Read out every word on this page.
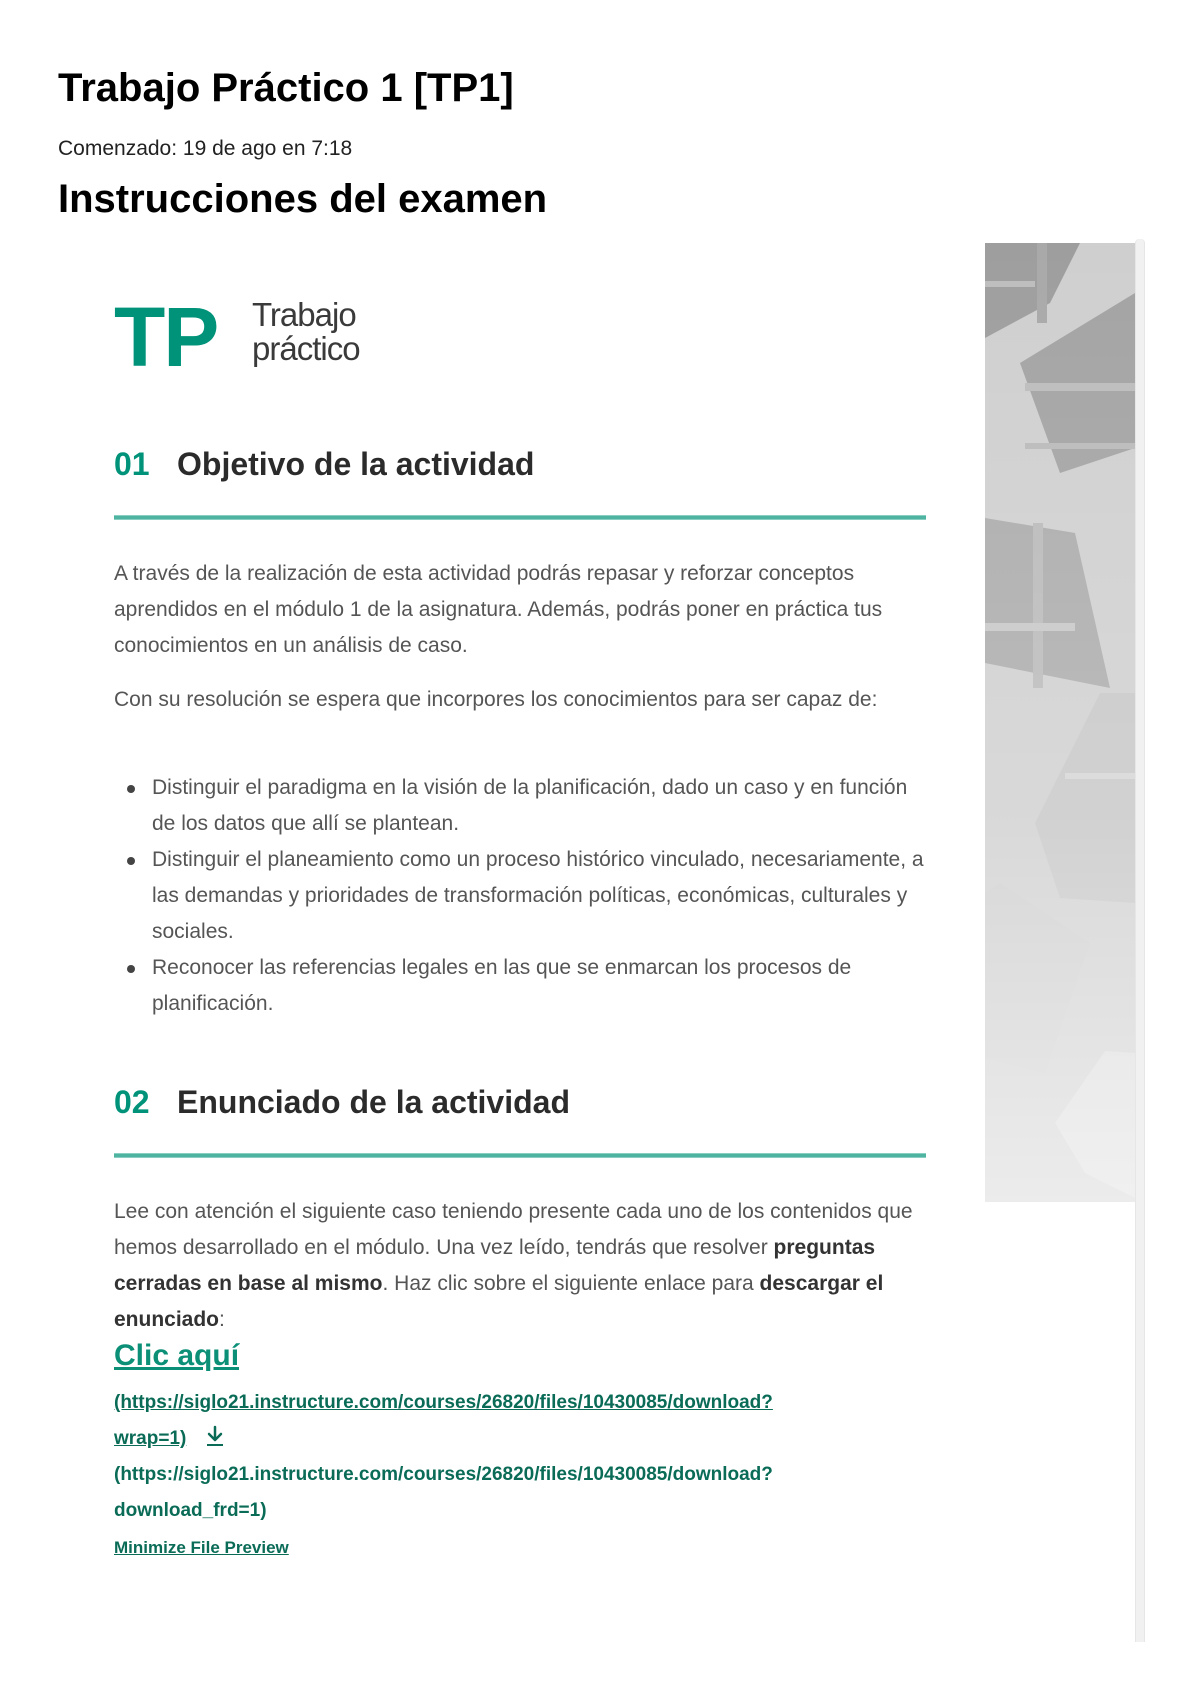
Trabajo Práctico 1 [TP1]
Comenzado: 19 de ago en 7:18
Instrucciones del examen
TP Trabajo
práctico
01 Objetivo de la actividad

A través de la realización de esta actividad podrás repasar y reforzar conceptos aprendidos en el módulo 1 de la asignatura. Además, podrás poner en práctica tus conocimientos en un análisis de caso.

Con su resolución se espera que incorpores los conocimientos para ser capaz de:

Distinguir el paradigma en la visión de la planificación, dado un caso y en función de los datos que allí se plantean.
Distinguir el planeamiento como un proceso histórico vinculado, necesariamente, a las demandas y prioridades de transformación políticas, económicas, culturales y sociales.
Reconocer las referencias legales en las que se enmarcan los procesos de planificación.
02 Enunciado de la actividad

Lee con atención el siguiente caso teniendo presente cada uno de los contenidos que hemos desarrollado en el módulo. Una vez leído, tendrás que resolver preguntas cerradas en base al mismo. Haz clic sobre el siguiente enlace para descargar el enunciado:

Clic aquí
(https://siglo21.instructure.com/courses/26820/files/10430085/download?
wrap=1)
(https://siglo21.instructure.com/courses/26820/files/10430085/download?
download_frd=1)
Minimize File Preview
